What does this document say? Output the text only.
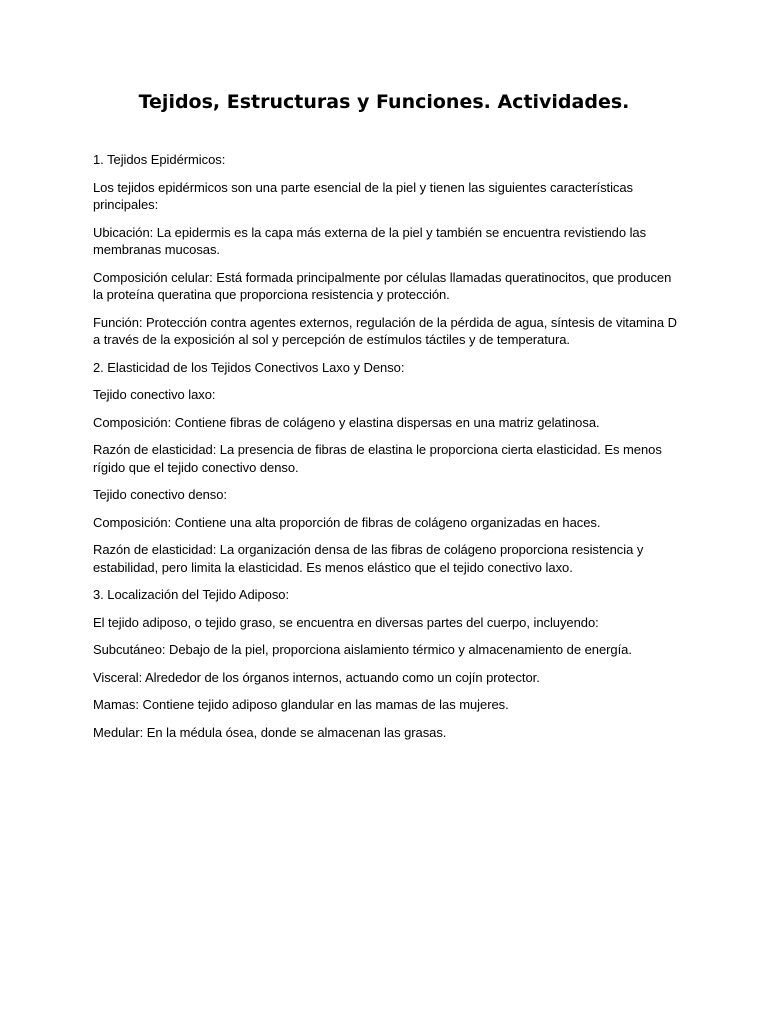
Tejidos, Estructuras y Funciones. Actividades.

1. Tejidos Epidérmicos:

Los tejidos epidérmicos son una parte esencial de la piel y tienen las siguientes características principales:

Ubicación: La epidermis es la capa más externa de la piel y también se encuentra revistiendo las membranas mucosas.

Composición celular: Está formada principalmente por células llamadas queratinocitos, que producen la proteína queratina que proporciona resistencia y protección.

Función: Protección contra agentes externos, regulación de la pérdida de agua, síntesis de vitamina D a través de la exposición al sol y percepción de estímulos táctiles y de temperatura.

2. Elasticidad de los Tejidos Conectivos Laxo y Denso:

Tejido conectivo laxo:

Composición: Contiene fibras de colágeno y elastina dispersas en una matriz gelatinosa.

Razón de elasticidad: La presencia de fibras de elastina le proporciona cierta elasticidad. Es menos rígido que el tejido conectivo denso.

Tejido conectivo denso:

Composición: Contiene una alta proporción de fibras de colágeno organizadas en haces.

Razón de elasticidad: La organización densa de las fibras de colágeno proporciona resistencia y estabilidad, pero limita la elasticidad. Es menos elástico que el tejido conectivo laxo.

3. Localización del Tejido Adiposo:

El tejido adiposo, o tejido graso, se encuentra en diversas partes del cuerpo, incluyendo:

Subcutáneo: Debajo de la piel, proporciona aislamiento térmico y almacenamiento de energía.

Visceral: Alrededor de los órganos internos, actuando como un cojín protector.

Mamas: Contiene tejido adiposo glandular en las mamas de las mujeres.

Medular: En la médula ósea, donde se almacenan las grasas.
